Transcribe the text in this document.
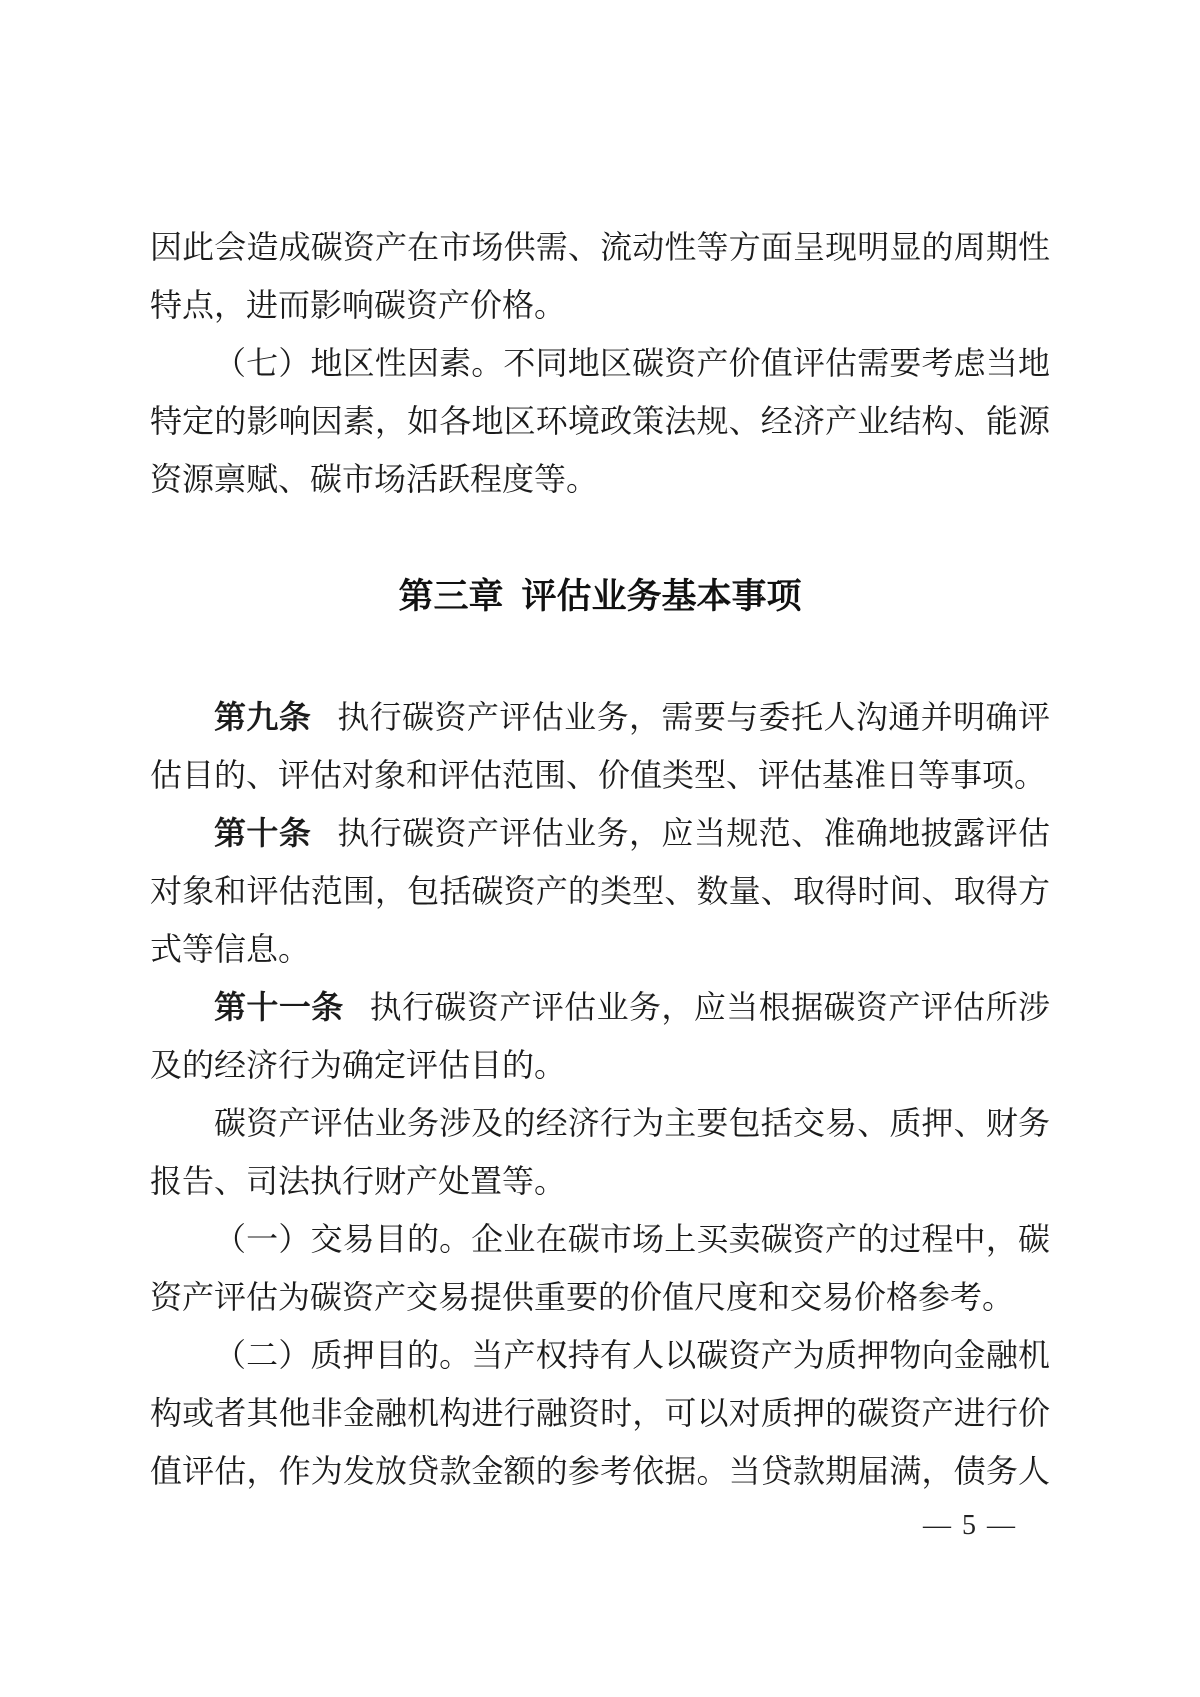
因此会造成碳资产在市场供需、流动性等方面呈现明显的周期性
特点，进而影响碳资产价格。
（七）地区性因素。不同地区碳资产价值评估需要考虑当地
特定的影响因素，如各地区环境政策法规、经济产业结构、能源
资源禀赋、碳市场活跃程度等。
第三章 评估业务基本事项
第九条 执行碳资产评估业务，需要与委托人沟通并明确评
估目的、评估对象和评估范围、价值类型、评估基准日等事项。
第十条 执行碳资产评估业务，应当规范、准确地披露评估
对象和评估范围，包括碳资产的类型、数量、取得时间、取得方
式等信息。
第十一条 执行碳资产评估业务，应当根据碳资产评估所涉
及的经济行为确定评估目的。
碳资产评估业务涉及的经济行为主要包括交易、质押、财务
报告、司法执行财产处置等。
（一）交易目的。企业在碳市场上买卖碳资产的过程中，碳
资产评估为碳资产交易提供重要的价值尺度和交易价格参考。
（二）质押目的。当产权持有人以碳资产为质押物向金融机
构或者其他非金融机构进行融资时，可以对质押的碳资产进行价
值评估，作为发放贷款金额的参考依据。当贷款期届满，债务人
— 5 —
